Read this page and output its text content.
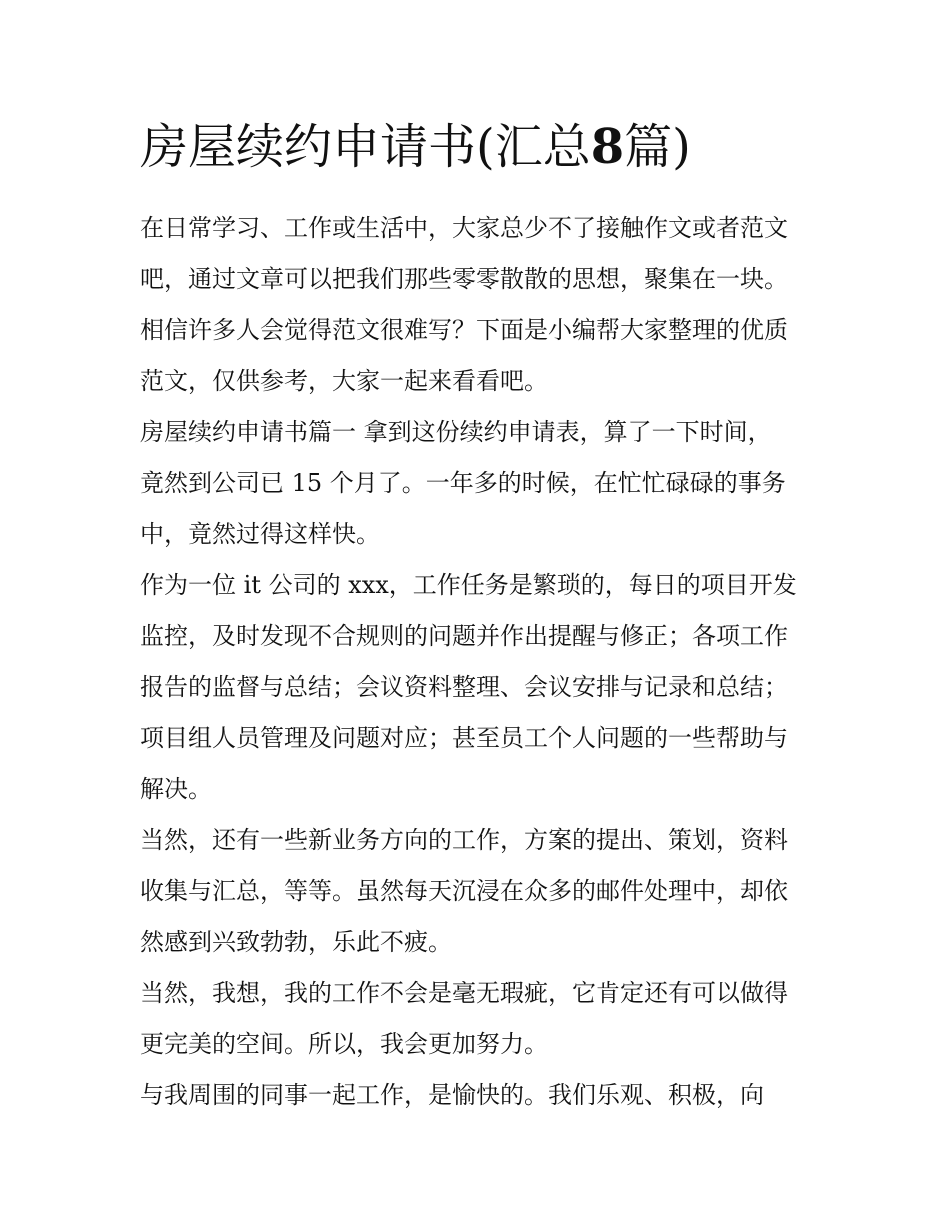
房屋续约申请书(汇总8篇)

在日常学习、工作或生活中，大家总少不了接触作文或者范文
吧，通过文章可以把我们那些零零散散的思想，聚集在一块。
相信许多人会觉得范文很难写？下面是小编帮大家整理的优质
范文，仅供参考，大家一起来看看吧。

房屋续约申请书篇一 拿到这份续约申请表，算了一下时间，
竟然到公司已 15 个月了。一年多的时候，在忙忙碌碌的事务
中，竟然过得这样快。

作为一位 it 公司的 xxx，工作任务是繁琐的，每日的项目开发
监控，及时发现不合规则的问题并作出提醒与修正；各项工作
报告的监督与总结；会议资料整理、会议安排与记录和总结；
项目组人员管理及问题对应；甚至员工个人问题的一些帮助与
解决。

当然，还有一些新业务方向的工作，方案的提出、策划，资料
收集与汇总，等等。虽然每天沉浸在众多的邮件处理中，却依
然感到兴致勃勃，乐此不疲。

当然，我想，我的工作不会是毫无瑕疵，它肯定还有可以做得
更完美的空间。所以，我会更加努力。

与我周围的同事一起工作，是愉快的。我们乐观、积极，向
